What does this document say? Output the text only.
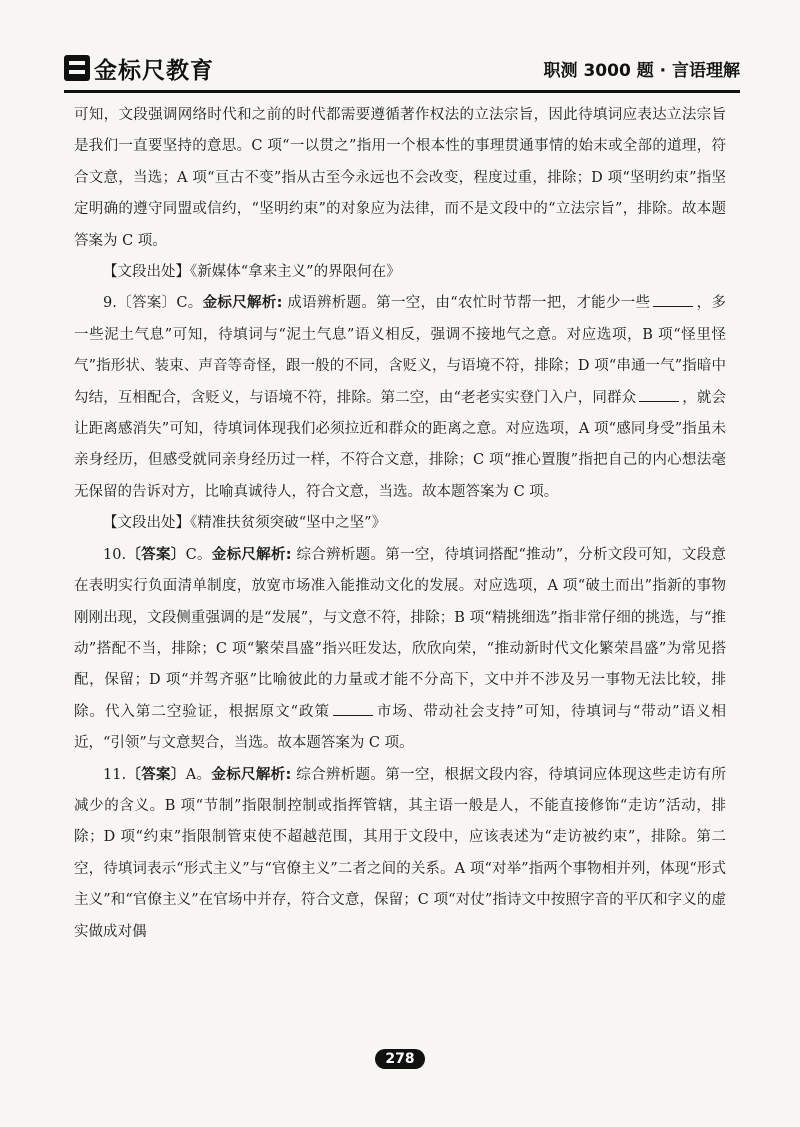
金标尺教育	职测 3000 题 · 言语理解

可知，文段强调网络时代和之前的时代都需要遵循著作权法的立法宗旨，因此待填词应表达立法宗旨是我们一直要坚持的意思。C 项“一以贯之”指用一个根本性的事理贯通事情的始末或全部的道理，符合文意，当选；A 项“亘古不变”指从古至今永远也不会改变，程度过重，排除；D 项“坚明约束”指坚定明确的遵守同盟或信约，“坚明约束”的对象应为法律，而不是文段中的“立法宗旨”，排除。故本题答案为 C 项。

【文段出处】《新媒体“拿来主义”的界限何在》

9.〔答案〕C。金标尺解析: 成语辨析题。第一空，由“农忙时节帮一把，才能少一些	，多一些泥土气息”可知，待填词与“泥土气息”语义相反，强调不接地气之意。对应选项，B 项“怪里怪气”指形状、装束、声音等奇怪，跟一般的不同，含贬义，与语境不符，排除；D 项“串通一气”指暗中勾结，互相配合，含贬义，与语境不符，排除。第二空，由“老老实实登门入户，同群众	，就会让距离感消失”可知，待填词体现我们必须拉近和群众的距离之意。对应选项，A 项“感同身受”指虽未亲身经历，但感受就同亲身经历过一样，不符合文意，排除；C 项“推心置腹”指把自己的内心想法毫无保留的告诉对方，比喻真诚待人，符合文意，当选。故本题答案为 C 项。

【文段出处】《精准扶贫须突破“坚中之坚”》

10.〔答案〕C。金标尺解析: 综合辨析题。第一空，待填词搭配“推动”，分析文段可知，文段意在表明实行负面清单制度，放宽市场准入能推动文化的发展。对应选项，A 项“破土而出”指新的事物刚刚出现，文段侧重强调的是“发展”，与文意不符，排除；B 项“精挑细选”指非常仔细的挑选，与“推动”搭配不当，排除；C 项“繁荣昌盛”指兴旺发达，欣欣向荣，“推动新时代文化繁荣昌盛”为常见搭配，保留；D 项“并驾齐驱”比喻彼此的力量或才能不分高下，文中并不涉及另一事物无法比较，排除。代入第二空验证，根据原文“政策	市场、带动社会支持”可知，待填词与“带动”语义相近，“引领”与文意契合，当选。故本题答案为 C 项。

11.〔答案〕A。金标尺解析: 综合辨析题。第一空，根据文段内容，待填词应体现这些走访有所减少的含义。B 项“节制”指限制控制或指挥管辖，其主语一般是人，不能直接修饰“走访”活动，排除；D 项“约束”指限制管束使不超越范围，其用于文段中，应该表述为“走访被约束”，排除。第二空，待填词表示“形式主义”与“官僚主义”二者之间的关系。A 项“对举”指两个事物相并列，体现“形式主义”和“官僚主义”在官场中并存，符合文意，保留；C 项“对仗”指诗文中按照字音的平仄和字义的虚实做成对偶

278
